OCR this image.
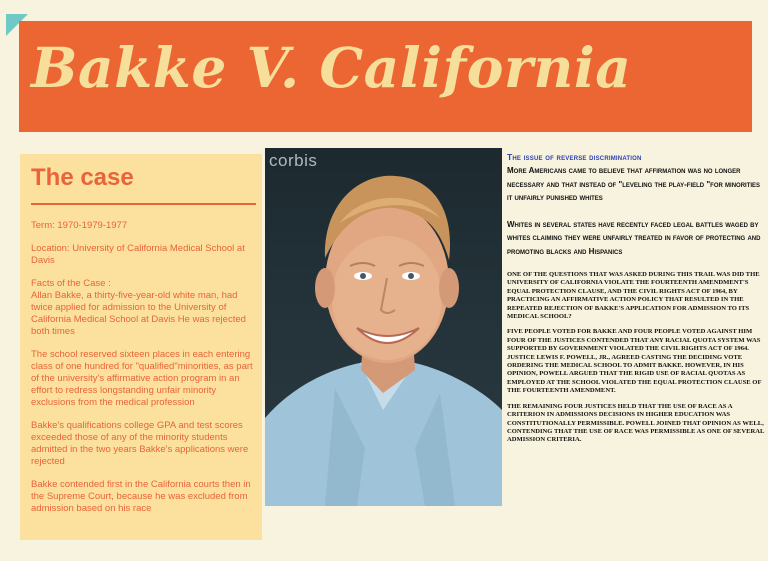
Bakke V. California
The case

Term: 1970-1979-1977

Location: University of California Medical School at Davis

Facts of the Case :
Allan Bakke, a thirty-five-year-old white man, had twice applied for admission to the University of California Medical School at Davis He was rejected both times

The school reserved sixteen places in each entering class of one hundred for "qualified"minorities, as part of the university's affirmative action program in an effort to redress longstanding unfair minority exclusions from the medical profession

Bakke's qualifications college GPA and test scores exceeded those of any of the minority students admitted in the two years Bakke's applications were rejected

Bakke contended first in the California courts then in the Supreme Court, because he was excluded from admission based on his race

corbis	The issue of reverse discrimination

More Americans came to believe that affirmation was no longer necessary and that instead of "leveling the play-field "for minorities it unfairly punished whites

Whites in several states have recently faced legal battles waged by whites claiming they were unfairly treated in favor of protecting and promoting blacks and Hispanics

ONE OF THE QUESTIONS THAT WAS ASKED DURING THIS TRAIL WAS DID THE UNIVERSITY OF CALIFORNIA VIOLATE THE FOURTEENTH AMENDMENT'S EQUAL PROTECTION CLAUSE, AND THE CIVIL RIGHTS ACT OF 1964, BY PRACTICING AN AFFIRMATIVE ACTION POLICY THAT RESULTED IN THE REPEATED REJECTION OF BAKKE'S APPLICATION FOR ADMISSION TO ITS MEDICAL SCHOOL?

FIVE PEOPLE VOTED FOR BAKKE AND FOUR PEOPLE VOTED AGAINST HIM FOUR OF THE JUSTICES CONTENDED THAT ANY RACIAL QUOTA SYSTEM WAS SUPPORTED BY GOVERNMENT VIOLATED THE CIVIL RIGHTS ACT OF 1964. JUSTICE LEWIS F. POWELL, JR., AGREED CASTING THE DECIDING VOTE ORDERING THE MEDICAL SCHOOL TO ADMIT BAKKE. HOWEVER, IN HIS OPINION, POWELL ARGUED THAT THE RIGID USE OF RACIAL QUOTAS AS EMPLOYED AT THE SCHOOL VIOLATED THE EQUAL PROTECTION CLAUSE OF THE FOURTEENTH AMENDMENT.

THE REMAINING FOUR JUSTICES HELD THAT THE USE OF RACE AS A CRITERION IN ADMISSIONS DECISIONS IN HIGHER EDUCATION WAS CONSTITUTIONALLY PERMISSIBLE. POWELL JOINED THAT OPINION AS WELL, CONTENDING THAT THE USE OF RACE WAS PERMISSIBLE AS ONE OF SEVERAL ADMISSION CRITERIA.
